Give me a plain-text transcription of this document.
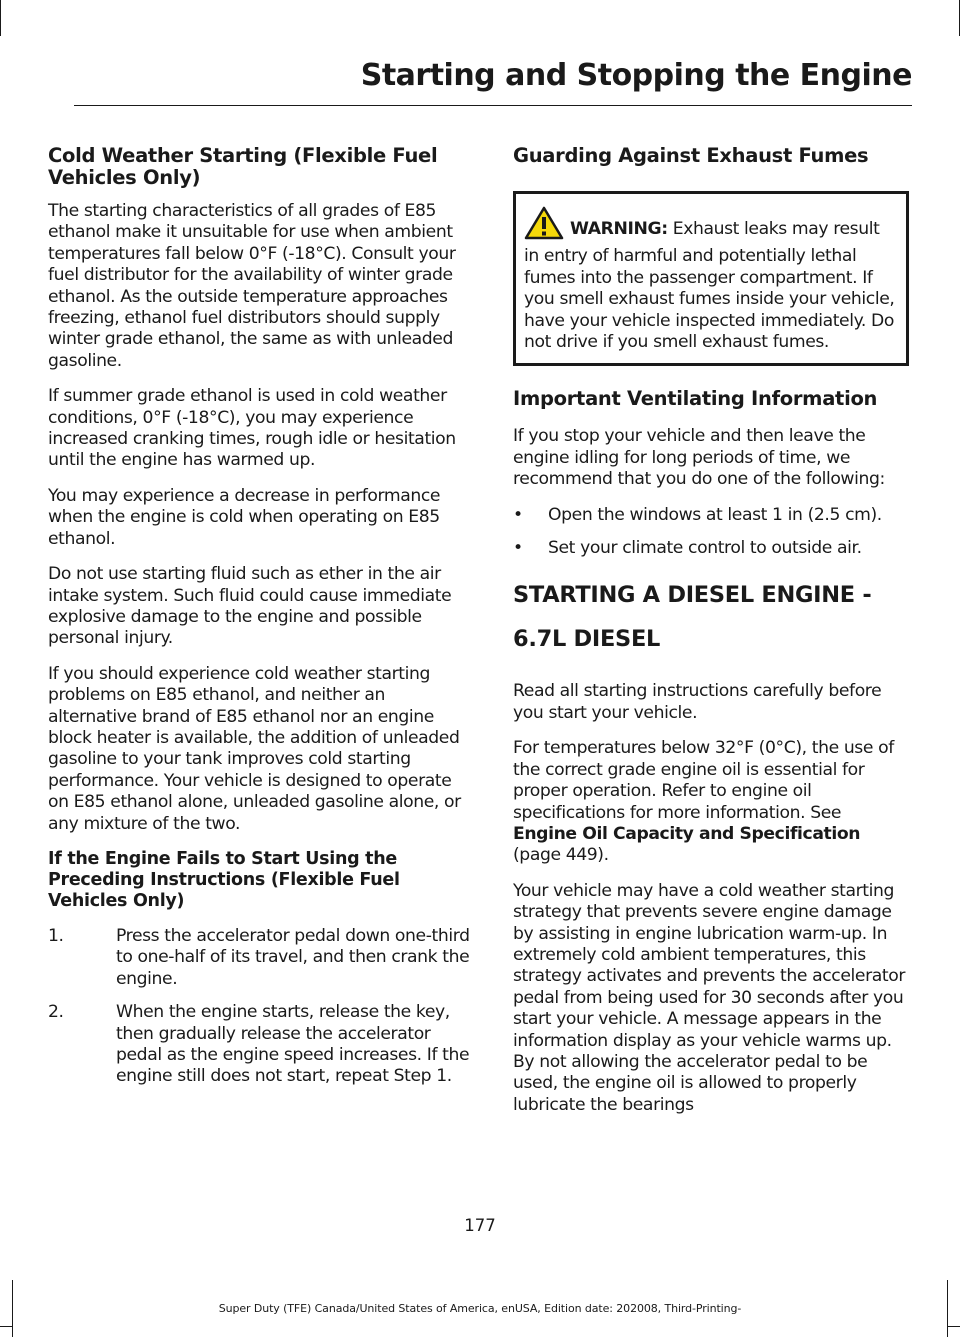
Starting and Stopping the Engine
Cold Weather Starting (Flexible Fuel Vehicles Only)

The starting characteristics of all grades of E85 ethanol make it unsuitable for use when ambient temperatures fall below 0°F (-18°C). Consult your fuel distributor for the availability of winter grade ethanol. As the outside temperature approaches freezing, ethanol fuel distributors should supply winter grade ethanol, the same as with unleaded gasoline.

If summer grade ethanol is used in cold weather conditions, 0°F (-18°C), you may experience increased cranking times, rough idle or hesitation until the engine has warmed up.

You may experience a decrease in performance when the engine is cold when operating on E85 ethanol.

Do not use starting fluid such as ether in the air intake system. Such fluid could cause immediate explosive damage to the engine and possible personal injury.

If you should experience cold weather starting problems on E85 ethanol, and neither an alternative brand of E85 ethanol nor an engine block heater is available, the addition of unleaded gasoline to your tank improves cold starting performance. Your vehicle is designed to operate on E85 ethanol alone, unleaded gasoline alone, or any mixture of the two.

If the Engine Fails to Start Using the Preceding Instructions (Flexible Fuel Vehicles Only)
1.	Press the accelerator pedal down one-third to one-half of its travel, and then crank the engine.
2.	When the engine starts, release the key, then gradually release the accelerator pedal as the engine speed increases. If the engine still does not start, repeat Step 1.
Guarding Against Exhaust Fumes

WARNING: Exhaust leaks may result in entry of harmful and potentially lethal fumes into the passenger compartment. If you smell exhaust fumes inside your vehicle, have your vehicle inspected immediately. Do not drive if you smell exhaust fumes.

Important Ventilating Information

If you stop your vehicle and then leave the engine idling for long periods of time, we recommend that you do one of the following:

• Open the windows at least 1 in (2.5 cm).
• Set your climate control to outside air.
STARTING A DIESEL ENGINE -
6.7L DIESEL

Read all starting instructions carefully before you start your vehicle.

For temperatures below 32°F (0°C), the use of the correct grade engine oil is essential for proper operation. Refer to engine oil specifications for more information. See Engine Oil Capacity and Specification (page 449).

Your vehicle may have a cold weather starting strategy that prevents severe engine damage by assisting in engine lubrication warm-up. In extremely cold ambient temperatures, this strategy activates and prevents the accelerator pedal from being used for 30 seconds after you start your vehicle. A message appears in the information display as your vehicle warms up. By not allowing the accelerator pedal to be used, the engine oil is allowed to properly lubricate the bearings

177
Super Duty (TFE) Canada/United States of America, enUSA, Edition date: 202008, Third-Printing-
